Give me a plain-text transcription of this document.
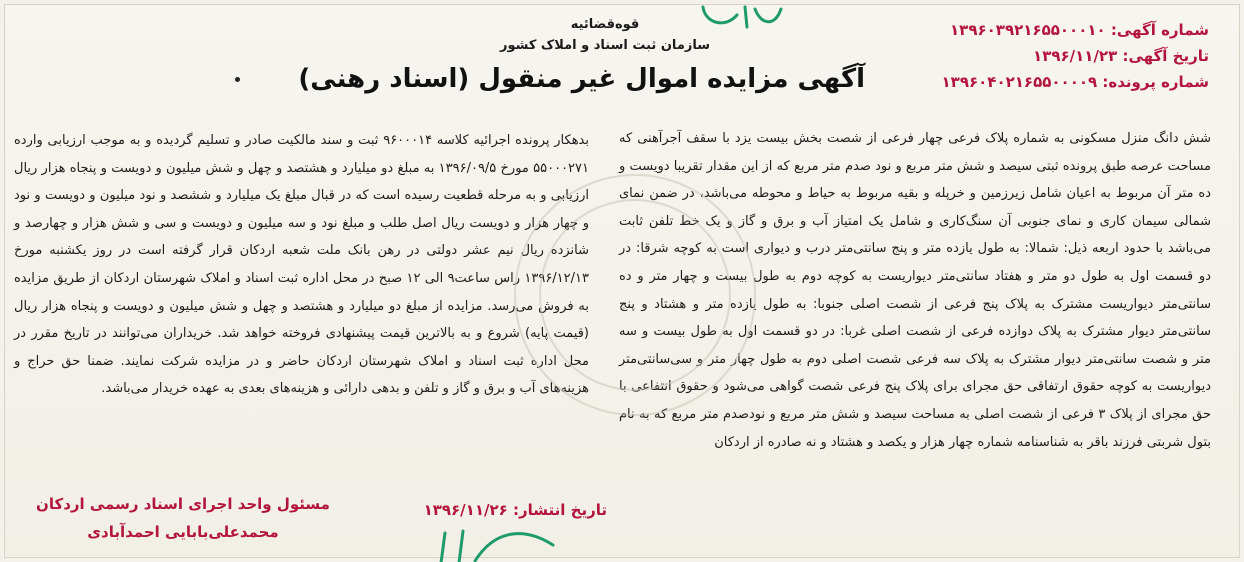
شماره آگهی: ۱۳۹۶۰۳۹۲۱۶۵۵۰۰۰۱۰
تاریخ آگهی: ۱۳۹۶/۱۱/۲۳
شماره پرونده: ۱۳۹۶۰۴۰۲۱۶۵۵۰۰۰۰۹
قوه‌قضائیه
سازمان ثبت اسناد و املاک کشور
آگهی مزایده اموال غیر منقول (اسناد رهنی)
شش دانگ منزل مسکونی به شماره پلاک فرعی چهار فرعی از شصت بخش بیست یزد با سقف آجرآهنی که مساحت عرصه طبق پرونده ثبتی سیصد و شش متر مربع و نود صدم متر مربع که از این مقدار تقریبا دویست و ده متر آن مربوط به اعیان شامل زیرزمین و خرپله و بقیه مربوط به حیاط و محوطه می‌باشد، در ضمن نمای شمالی سیمان کاری و نمای جنوبی آن سنگ‌کاری و شامل یک امتیاز آب و برق و گاز و یک خط تلفن ثابت می‌باشد با حدود اربعه ذیل: شمالا: به طول یازده متر و پنج سانتی‌متر درب و دیواری است به کوچه شرقا: در دو قسمت اول به طول دو متر و هفتاد سانتی‌متر دیواریست به کوچه دوم به طول بیست و چهار متر و ده سانتی‌متر دیواریست مشترک به پلاک پنج فرعی از شصت اصلی جنوبا: به طول یازده متر و هشتاد و پنج سانتی‌متر دیوار مشترک به پلاک دوازده فرعی از شصت اصلی غربا: در دو قسمت اول به طول بیست و سه متر و شصت سانتی‌متر دیوار مشترک به پلاک سه فرعی شصت اصلی دوم به طول چهار متر و سی‌سانتی‌متر دیواریست به کوچه حقوق ارتفاقی حق مجرای برای پلاک پنج فرعی شصت گواهی می‌شود و حقوق انتفاعی با حق مجرای از پلاک ۳ فرعی از شصت اصلی به مساحت سیصد و شش متر مربع و نودصدم متر مربع که به نام بتول شربتی فرزند باقر به شناسنامه شماره چهار هزار و یکصد و هشتاد و نه صادره از اردکان
بدهکار پرونده اجرائیه کلاسه ۹۶۰۰۰۱۴ ثبت و سند مالکیت صادر و تسلیم گردیده و به موجب ارزیابی وارده ۵۵۰۰۰۲۷۱ مورخ ۱۳۹۶/۰۹/۵ به مبلغ دو میلیارد و هشتصد و چهل و شش میلیون و دویست و پنجاه هزار ریال ارزیابی و به مرحله قطعیت رسیده است که در قبال مبلغ یک میلیارد و ششصد و نود میلیون و دویست و نود و چهار هزار و دویست ریال اصل طلب و مبلغ نود و سه میلیون و دویست و سی و شش هزار و چهارصد و شانزده ریال نیم عشر دولتی در رهن بانک ملت شعبه اردکان قرار گرفته است در روز یکشنبه مورخ ۱۳۹۶/۱۲/۱۳ راس ساعت۹ الی ۱۲ صبح در محل اداره ثبت اسناد و املاک شهرستان اردکان از طریق مزایده به فروش می‌رسد. مزایده از مبلغ دو میلیارد و هشتصد و چهل و شش میلیون و دویست و پنجاه هزار ریال (قیمت پایه) شروع و به بالاترین قیمت پیشنهادی فروخته خواهد شد. خریداران می‌توانند در تاریخ مقرر در محل اداره ثبت اسناد و املاک شهرستان اردکان حاضر و در مزایده شرکت نمایند. ضمنا حق حراج و هزینه‌های آب و برق و گاز و تلفن و بدهی دارائی و هزینه‌های بعدی به عهده خریدار می‌باشد.
تاریخ انتشار: ۱۳۹۶/۱۱/۲۶
مسئول واحد اجرای اسناد رسمی اردکان
محمدعلی‌بابایی احمدآبادی
